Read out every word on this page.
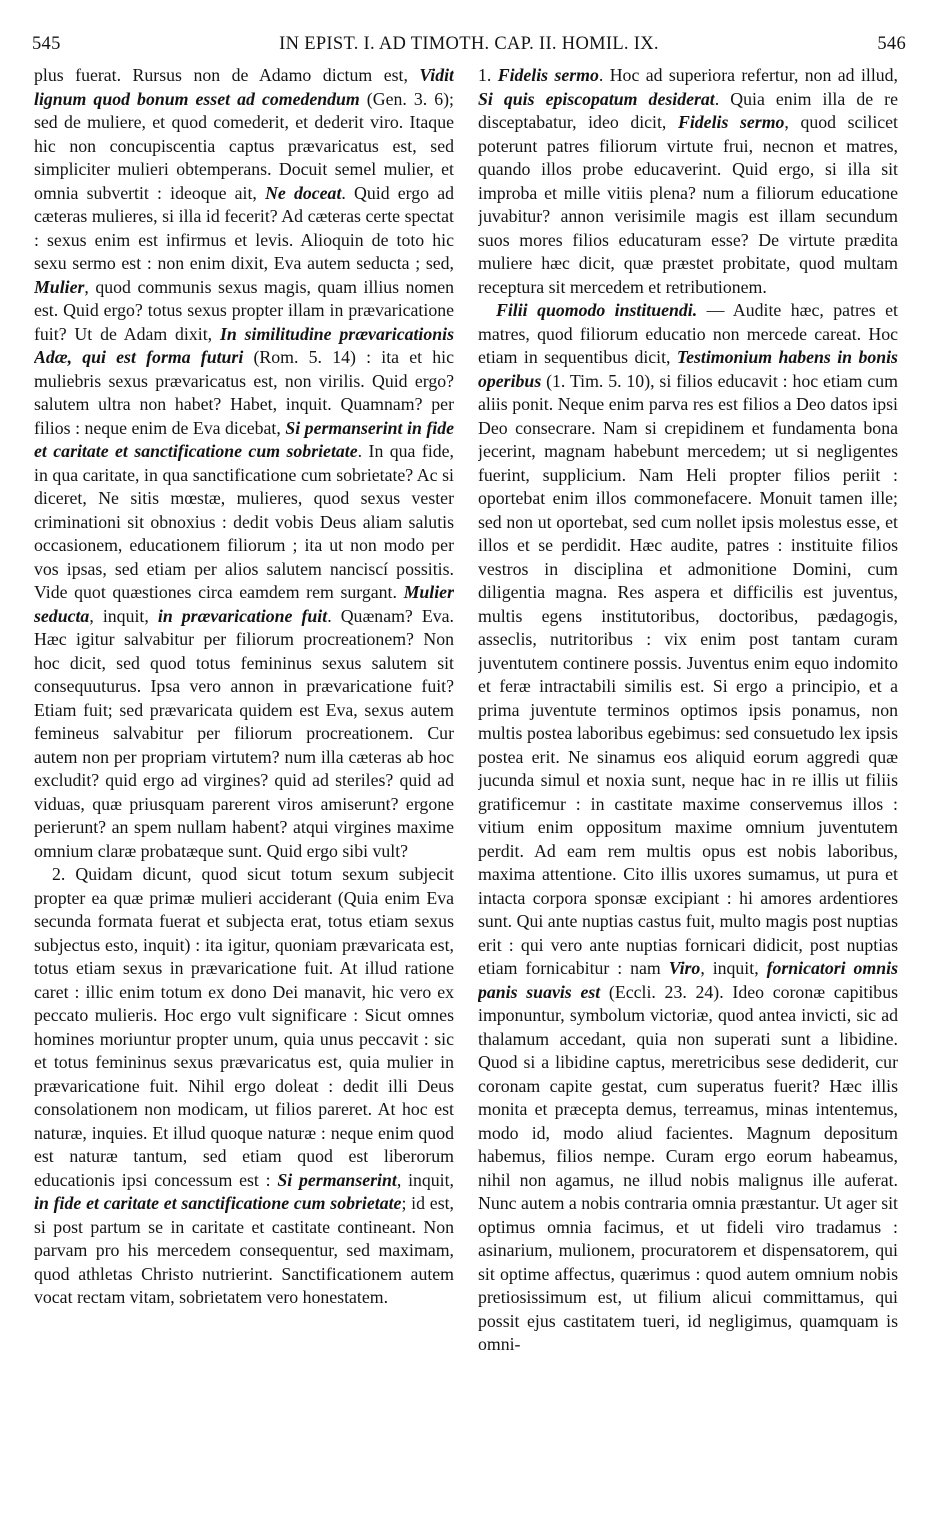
545	IN EPIST. I. AD TIMOTH. CAP. II. HOMIL. IX.	546

plus fuerat. Rursus non de Adamo dictum est, Vidit lignum quod bonum esset ad comedendum (Gen. 3. 6); sed de muliere, et quod comederit, et dederit viro. Itaque hic non concupiscentia captus prævaricatus est, sed simpliciter mulieri obtemperans. Docuit semel mulier, et omnia subvertit : ideoque ait, Ne doceat. Quid ergo ad cæteras mulieres, si illa id fecerit? Ad cæteras certe spectat : sexus enim est infirmus et levis. Alioquin de toto hic sexu sermo est : non enim dixit, Eva autem seducta ; sed, Mulier, quod communis sexus magis, quam illius nomen est. Quid ergo? totus sexus propter illam in prævaricatione fuit? Ut de Adam dixit, In similitudine prævaricationis Adæ, qui est forma futuri (Rom. 5. 14) : ita et hic muliebris sexus prævaricatus est, non virilis. Quid ergo? salutem ultra non habet? Habet, inquit. Quamnam? per filios : neque enim de Eva dicebat, Si permanserint in fide et caritate et sanctificatione cum sobrietate. In qua fide, in qua caritate, in qua sanctificatione cum sobrietate? Ac si diceret, Ne sitis mœstæ, mulieres, quod sexus vester criminationi sit obnoxius : dedit vobis Deus aliam salutis occasionem, educationem filiorum ; ita ut non modo per vos ipsas, sed etiam per alios salutem nanciscí possitis. Vide quot quæstiones circa eamdem rem surgant. Mulier seducta, inquit, in prævaricatione fuit. Quænam? Eva. Hæc igitur salvabitur per filiorum procreationem? Non hoc dicit, sed quod totus femininus sexus salutem sit consequuturus. Ipsa vero annon in prævaricatione fuit? Etiam fuit; sed prævaricata quidem est Eva, sexus autem femineus salvabitur per filiorum procreationem. Cur autem non per propriam virtutem? num illa cæteras ab hoc excludit? quid ergo ad virgines? quid ad steriles? quid ad viduas, quæ priusquam parerent viros amiserunt? ergone perierunt? an spem nullam habent? atqui virgines maxime omnium claræ probatæque sunt. Quid ergo sibi vult?

2. Quidam dicunt, quod sicut totum sexum subjecit propter ea quæ primæ mulieri acciderant (Quia enim Eva secunda formata fuerat et subjecta erat, totus etiam sexus subjectus esto, inquit) : ita igitur, quoniam prævaricata est, totus etiam sexus in prævaricatione fuit. At illud ratione caret : illic enim totum ex dono Dei manavit, hic vero ex peccato mulieris. Hoc ergo vult significare : Sicut omnes homines moriuntur propter unum, quia unus peccavit : sic et totus femininus sexus prævaricatus est, quia mulier in prævaricatione fuit. Nihil ergo doleat : dedit illi Deus consolationem non modicam, ut filios pareret. At hoc est naturæ, inquies. Et illud quoque naturæ : neque enim quod est naturæ tantum, sed etiam quod est liberorum educationis ipsi concessum est : Si permanserint, inquit, in fide et caritate et sanctificatione cum sobrietate; id est, si post partum se in caritate et castitate contineant. Non parvam pro his mercedem consequentur, sed maximam, quod athletas Christo nutrierint. Sanctificationem autem vocat rectam vitam, sobrietatem vero honestatem.

1. Fidelis sermo. Hoc ad superiora refertur, non ad illud, Si quis episcopatum desiderat. Quia enim illa de re disceptabatur, ideo dicit, Fidelis sermo, quod scilicet poterunt patres filiorum virtute frui, necnon et matres, quando illos probe educaverint. Quid ergo, si illa sit improba et mille vitiis plena? num a filiorum educatione juvabitur? annon verisimile magis est illam secundum suos mores filios educaturam esse? De virtute prædita muliere hæc dicit, quæ præstet probitate, quod multam receptura sit mercedem et retributionem.

Filii quomodo instituendi. — Audite hæc, patres et matres, quod filiorum educatio non mercede careat. Hoc etiam in sequentibus dicit, Testimonium habens in bonis operibus (1. Tim. 5. 10), si filios educavit : hoc etiam cum aliis ponit. Neque enim parva res est filios a Deo datos ipsi Deo consecrare. Nam si crepidinem et fundamenta bona jecerint, magnam habebunt mercedem; ut si negligentes fuerint, supplicium. Nam Heli propter filios periit : oportebat enim illos commonefacere. Monuit tamen ille; sed non ut oportebat, sed cum nollet ipsis molestus esse, et illos et se perdidit. Hæc audite, patres : instituite filios vestros in disciplina et admonitione Domini, cum diligentia magna. Res aspera et difficilis est juventus, multis egens institutoribus, doctoribus, pædagogis, asseclis, nutritoribus : vix enim post tantam curam juventutem continere possis. Juventus enim equo indomito et feræ intractabili similis est. Si ergo a principio, et a prima juventute terminos optimos ipsis ponamus, non multis postea laboribus egebimus: sed consuetudo lex ipsis postea erit. Ne sinamus eos aliquid eorum aggredi quæ jucunda simul et noxia sunt, neque hac in re illis ut filiis gratificemur : in castitate maxime conservemus illos : vitium enim oppositum maxime omnium juventutem perdit. Ad eam rem multis opus est nobis laboribus, maxima attentione. Cito illis uxores sumamus, ut pura et intacta corpora sponsæ excipiant : hi amores ardentiores sunt. Qui ante nuptias castus fuit, multo magis post nuptias erit : qui vero ante nuptias fornicari didicit, post nuptias etiam fornicabitur : nam Viro, inquit, fornicatori omnis panis suavis est (Eccli. 23. 24). Ideo coronæ capitibus imponuntur, symbolum victoriæ, quod antea invicti, sic ad thalamum accedant, quia non superati sunt a libidine. Quod si a libidine captus, meretricibus sese dediderit, cur coronam capite gestat, cum superatus fuerit? Hæc illis monita et præcepta demus, terreamus, minas intentemus, modo id, modo aliud facientes. Magnum depositum habemus, filios nempe. Curam ergo eorum habeamus, nihil non agamus, ne illud nobis malignus ille auferat. Nunc autem a nobis contraria omnia præstantur. Ut ager sit optimus omnia facimus, et ut fideli viro tradamus : asinarium, mulionem, procuratorem et dispensatorem, qui sit optime affectus, quærimus : quod autem omnium nobis pretiosissimum est, ut filium alicui committamus, qui possit ejus castitatem tueri, id negligimus, quamquam is omni-
